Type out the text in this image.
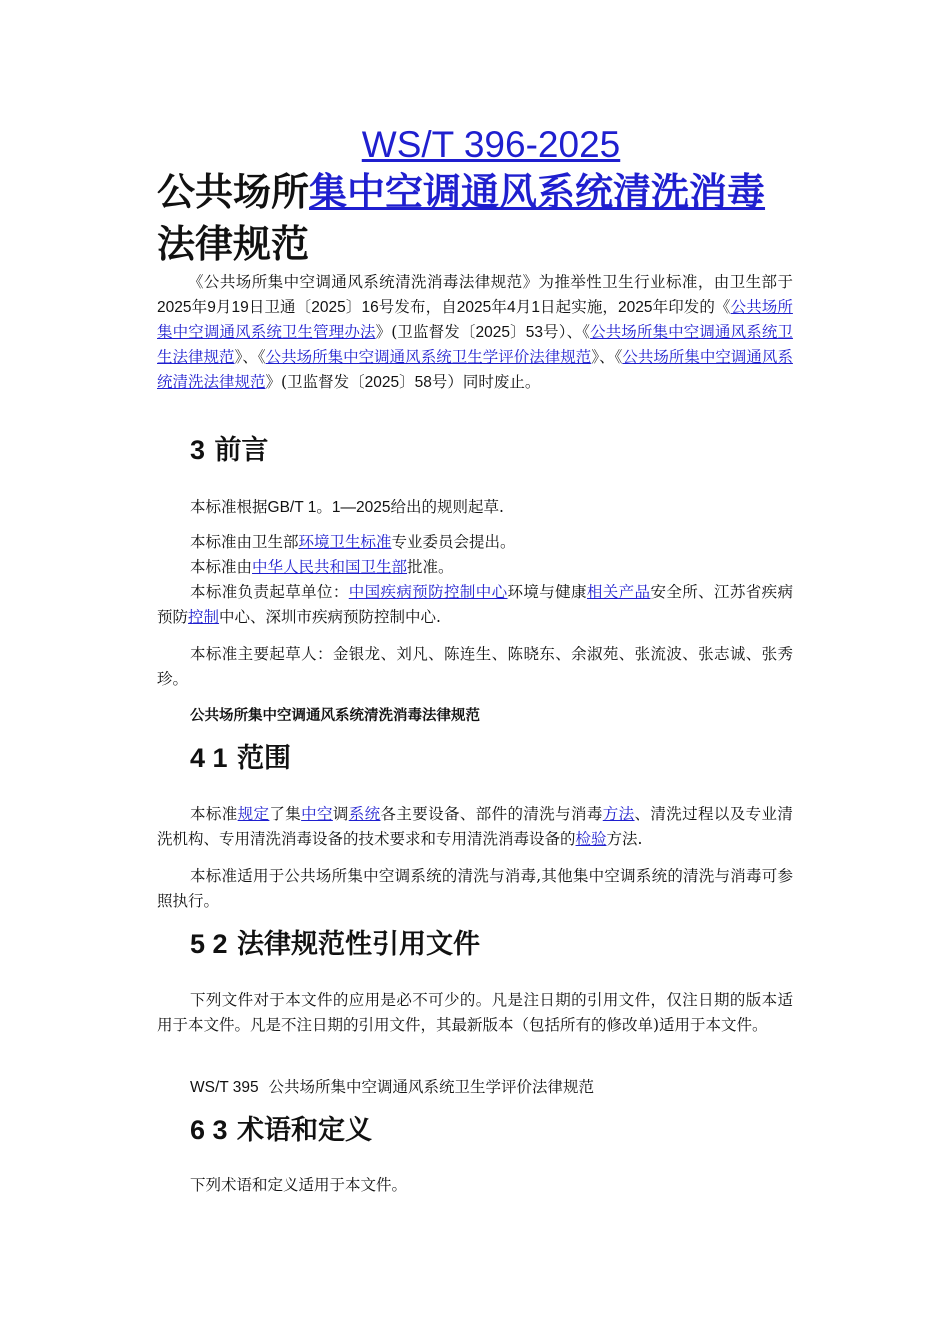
WS/T 396-2025
公共场所集中空调通风系统清洗消毒法律规范

《公共场所集中空调通风系统清洗消毒法律规范》为推举性卫生行业标准，由卫生部于2025年9月19日卫通〔2025〕16号发布，自2025年4月1日起实施，2025年印发的《公共场所集中空调通风系统卫生管理办法》(卫监督发〔2025〕53号）、《公共场所集中空调通风系统卫生法律规范》、《公共场所集中空调通风系统卫生学评价法律规范》、《公共场所集中空调通风系统清洗法律规范》(卫监督发〔2025〕58号）同时废止。

3 前言

本标准根据GB/T 1。1—2025给出的规则起草.

本标准由卫生部环境卫生标准专业委员会提出。

本标准由中华人民共和国卫生部批准。

本标准负责起草单位：中国疾病预防控制中心环境与健康相关产品安全所、江苏省疾病预防控制中心、深圳市疾病预防控制中心.

本标准主要起草人：金银龙、刘凡、陈连生、陈晓东、余淑苑、张流波、张志诚、张秀珍。

公共场所集中空调通风系统清洗消毒法律规范

4 1 范围

本标准规定了集中空调系统各主要设备、部件的清洗与消毒方法、清洗过程以及专业清洗机构、专用清洗消毒设备的技术要求和专用清洗消毒设备的检验方法.

本标准适用于公共场所集中空调系统的清洗与消毒,其他集中空调系统的清洗与消毒可参照执行。

5 2 法律规范性引用文件

下列文件对于本文件的应用是必不可少的。凡是注日期的引用文件，仅注日期的版本适用于本文件。凡是不注日期的引用文件，其最新版本（包括所有的修改单)适用于本文件。

WS/T 395 公共场所集中空调通风系统卫生学评价法律规范

6 3 术语和定义

下列术语和定义适用于本文件。
